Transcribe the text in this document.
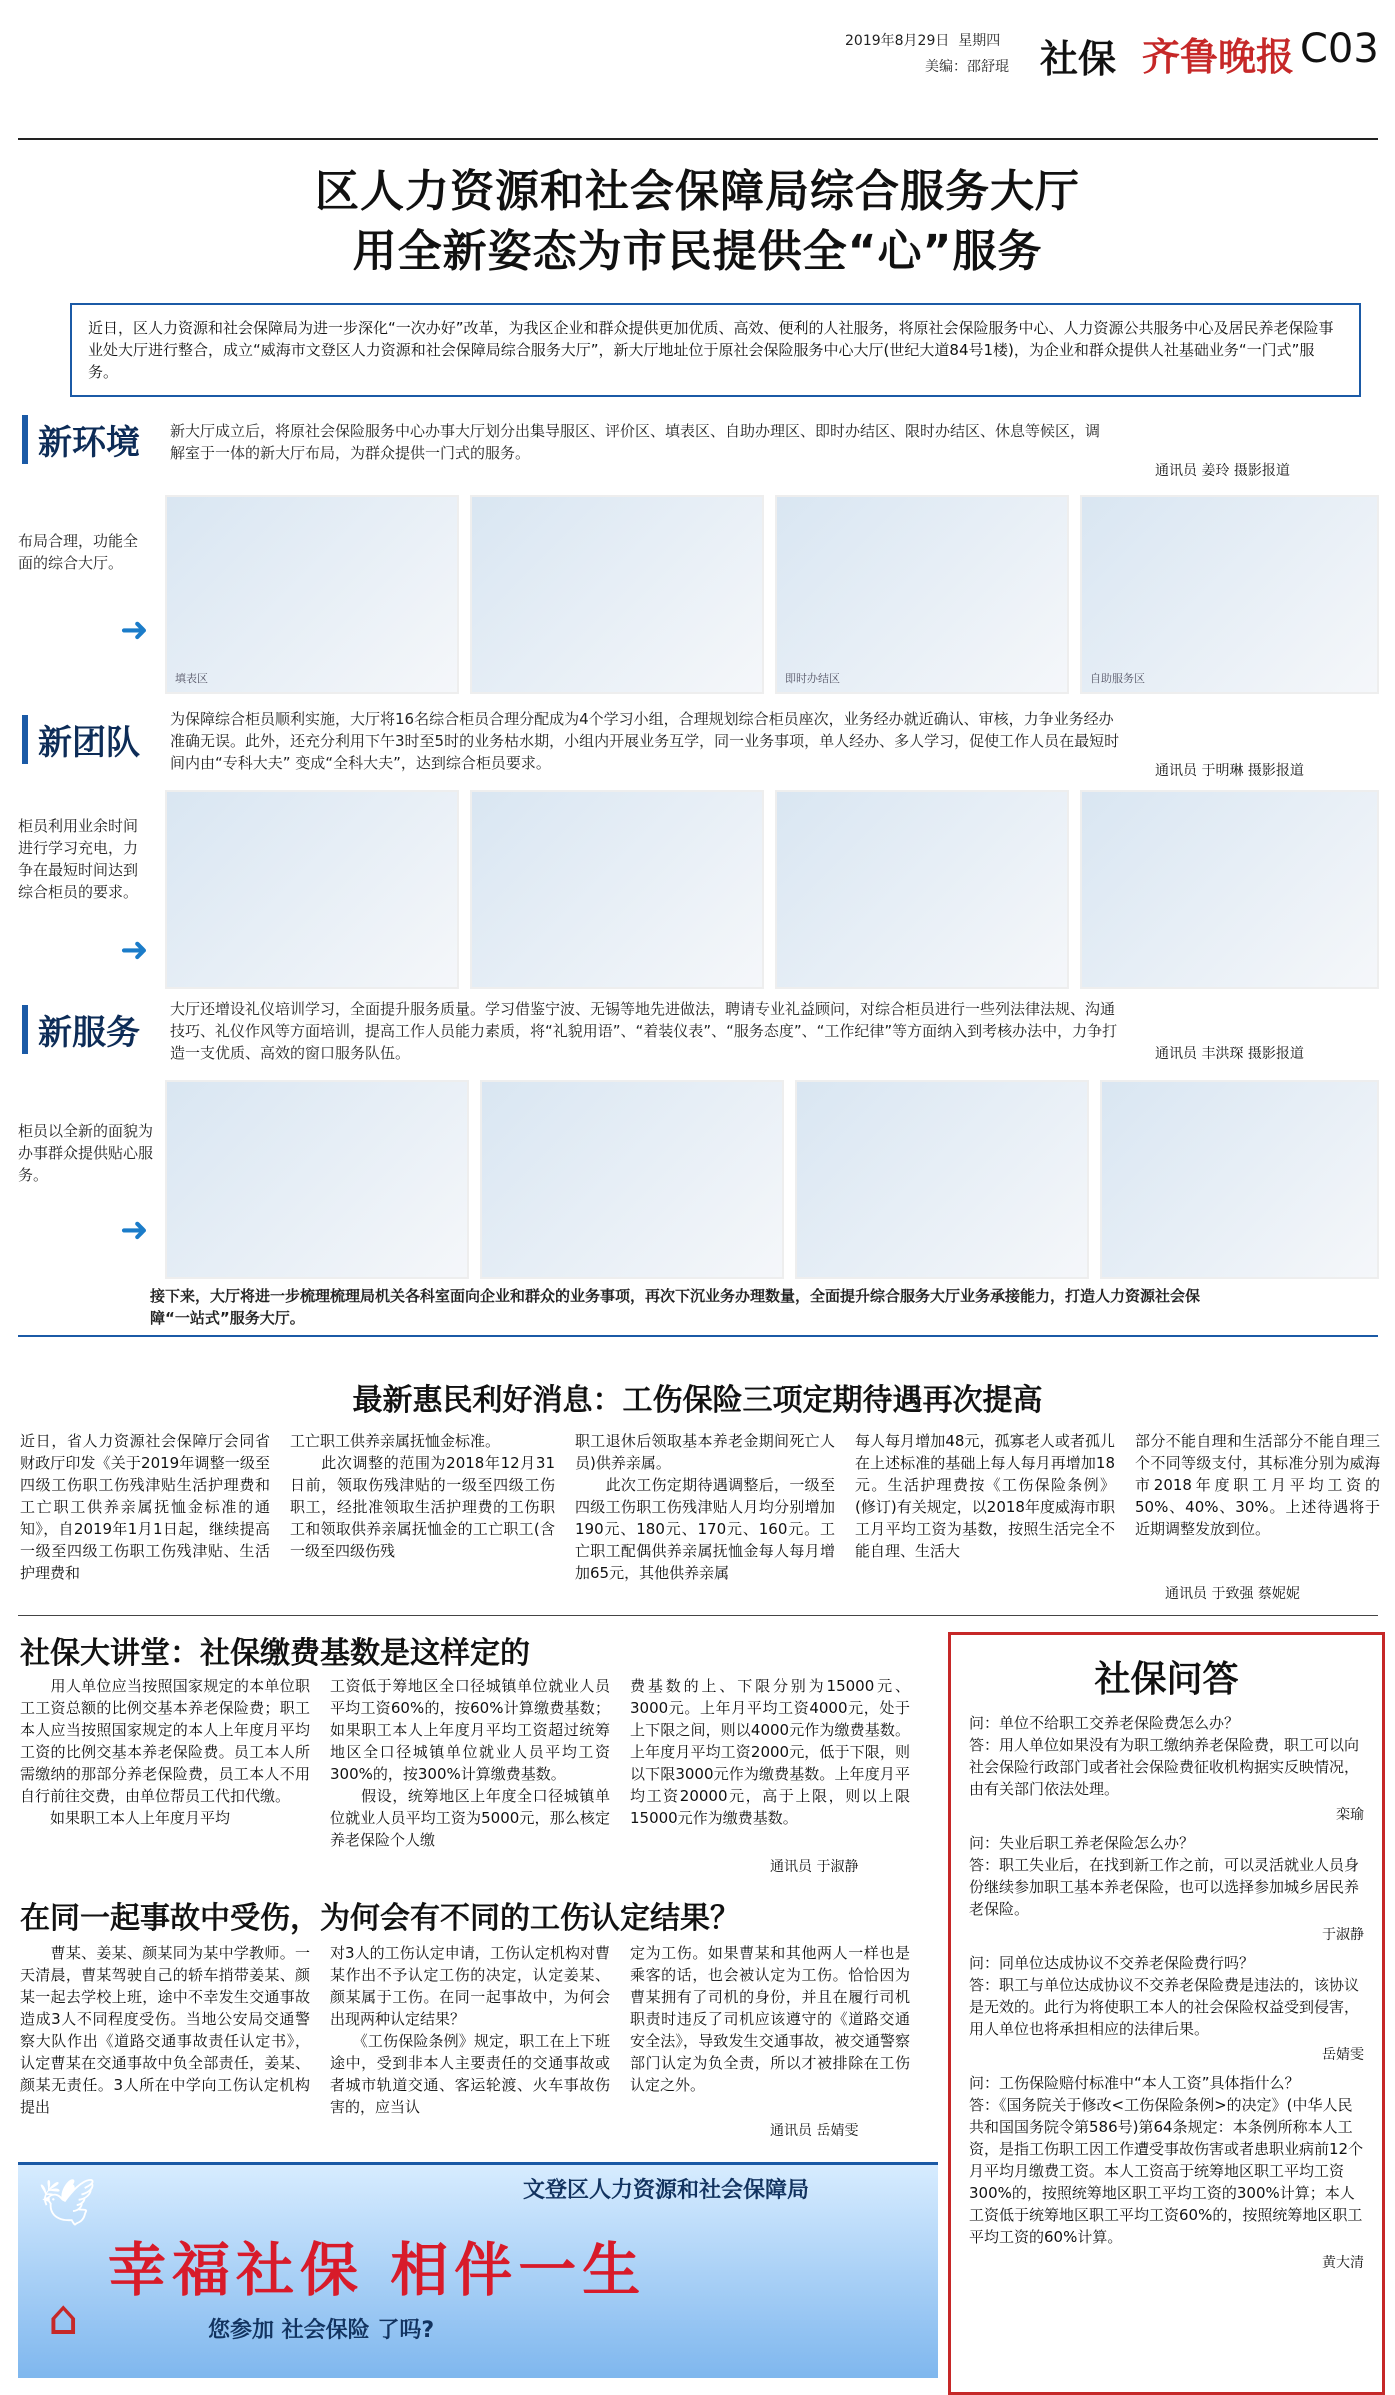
2019年8月29日 星期四
美编：邵舒琨 社保 齐鲁晚报 C03
区人力资源和社会保障局综合服务大厅
用全新姿态为市民提供全“心”服务
近日，区人力资源和社会保障局为进一步深化“一次办好”改革，为我区企业和群众提供更加优质、高效、便利的人社服务，将原社会保险服务中心、人力资源公共服务中心及居民养老保险事业处大厅进行整合，成立“威海市文登区人力资源和社会保障局综合服务大厅”，新大厅地址位于原社会保险服务中心大厅(世纪大道84号1楼)，为企业和群众提供人社基础业务“一门式”服务。
新环境 新大厅成立后，将原社会保险服务中心办事大厅划分出集导服区、评价区、填表区、自助办理区、即时办结区、限时办结区、休息等候区，调解室于一体的新大厅布局，为群众提供一门式的服务。
通讯员 姜玲 摄影报道
布局合理，功能全面的综合大厅。
➜
填表区	即时办结区	自助服务区
新团队
为保障综合柜员顺利实施，大厅将16名综合柜员合理分配成为4个学习小组，合理规划综合柜员座次，业务经办就近确认、审核，力争业务经办准确无误。此外，还充分利用下午3时至5时的业务枯水期，小组内开展业务互学，同一业务事项，单人经办、多人学习，促使工作人员在最短时间内由“专科大夫” 变成“全科大夫”，达到综合柜员要求。	通讯员 于明琳 摄影报道
柜员利用业余时间进行学习充电，力争在最短时间达到综合柜员的要求。
➜
新服务
大厅还增设礼仪培训学习，全面提升服务质量。学习借鉴宁波、无锡等地先进做法，聘请专业礼益顾问，对综合柜员进行一些列法律法规、沟通技巧、礼仪作风等方面培训，提高工作人员能力素质，将“礼貌用语”、“着装仪表”、“服务态度”、“工作纪律”等方面纳入到考核办法中，力争打造一支优质、高效的窗口服务队伍。	通讯员 丰洪琛 摄影报道
柜员以全新的面貌为办事群众提供贴心服务。
➜
接下来，大厅将进一步梳理梳理局机关各科室面向企业和群众的业务事项，再次下沉业务办理数量，全面提升综合服务大厅业务承接能力，打造人力资源社会保障“一站式”服务大厅。
最新惠民利好消息：工伤保险三项定期待遇再次提高
近日，省人力资源社会保障厅会同省财政厅印发《关于2019年调整一级至四级工伤职工伤残津贴生活护理费和工亡职工供养亲属抚恤金标准的通知》，自2019年1月1日起，继续提高一级至四级工伤职工伤残津贴、生活护理费和
工亡职工供养亲属抚恤金标准。
　　此次调整的范围为2018年12月31日前，领取伤残津贴的一级至四级工伤职工，经批准领取生活护理费的工伤职工和领取供养亲属抚恤金的工亡职工(含一级至四级伤残
职工退休后领取基本养老金期间死亡人员)供养亲属。
　　此次工伤定期待遇调整后，一级至四级工伤职工伤残津贴人月均分别增加190元、180元、170元、160元。工亡职工配偶供养亲属抚恤金每人每月增加65元，其他供养亲属
每人每月增加48元，孤寡老人或者孤儿在上述标准的基础上每人每月再增加18元。生活护理费按《工伤保险条例》(修订)有关规定，以2018年度威海市职工月平均工资为基数，按照生活完全不能自理、生活大
部分不能自理和生活部分不能自理三个不同等级支付，其标准分别为威海市2018年度职工月平均工资的50%、40%、30%。上述待遇将于近期调整发放到位。
通讯员 于致强 蔡妮妮
社保大讲堂：社保缴费基数是这样定的
　　用人单位应当按照国家规定的本单位职工工资总额的比例交基本养老保险费；职工本人应当按照国家规定的本人上年度月平均工资的比例交基本养老保险费。员工本人所需缴纳的那部分养老保险费，员工本人不用自行前往交费，由单位帮员工代扣代缴。
　　如果职工本人上年度月平均
工资低于筹地区全口径城镇单位就业人员平均工资60%的，按60%计算缴费基数；如果职工本人上年度月平均工资超过统筹地区全口径城镇单位就业人员平均工资300%的，按300%计算缴费基数。
　　假设，统筹地区上年度全口径城镇单位就业人员平均工资为5000元，那么核定养老保险个人缴
费基数的上、下限分别为15000元、3000元。上年月平均工资4000元，处于上下限之间，则以4000元作为缴费基数。上年度月平均工资2000元，低于下限，则以下限3000元作为缴费基数。上年度月平均工资20000元，高于上限，则以上限15000元作为缴费基数。
通讯员 于淑静
在同一起事故中受伤，为何会有不同的工伤认定结果？
　　曹某、姜某、颜某同为某中学教师。一天清晨，曹某驾驶自己的轿车捎带姜某、颜某一起去学校上班，途中不幸发生交通事故造成3人不同程度受伤。当地公安局交通警察大队作出《道路交通事故责任认定书》，认定曹某在交通事故中负全部责任，姜某、颜某无责任。3人所在中学向工伤认定机构提出
对3人的工伤认定申请，工伤认定机构对曹某作出不予认定工伤的决定，认定姜某、颜某属于工伤。在同一起事故中，为何会出现两种认定结果？
　　《工伤保险条例》规定，职工在上下班途中，受到非本人主要责任的交通事故或者城市轨道交通、客运轮渡、火车事故伤害的，应当认
定为工伤。如果曹某和其他两人一样也是乘客的话，也会被认定为工伤。恰恰因为曹某拥有了司机的身份，并且在履行司机职责时违反了司机应该遵守的《道路交通安全法》，导致发生交通事故，被交通警察部门认定为负全责，所以才被排除在工伤认定之外。
通讯员 岳婧雯
社保问答
问：单位不给职工交养老保险费怎么办？
答：用人单位如果没有为职工缴纳养老保险费，职工可以向社会保险行政部门或者社会保险费征收机构据实反映情况，由有关部门依法处理。
栾瑜
问：失业后职工养老保险怎么办？
答：职工失业后，在找到新工作之前，可以灵活就业人员身份继续参加职工基本养老保险，也可以选择参加城乡居民养老保险。
于淑静
问：同单位达成协议不交养老保险费行吗？
答：职工与单位达成协议不交养老保险费是违法的，该协议是无效的。此行为将使职工本人的社会保险权益受到侵害，用人单位也将承担相应的法律后果。
岳婧雯
问：工伤保险赔付标准中“本人工资”具体指什么？
答：《国务院关于修改<工伤保险条例>的决定》(中华人民共和国国务院令第586号)第64条规定：本条例所称本人工资，是指工伤职工因工作遭受事故伤害或者患职业病前12个月平均月缴费工资。本人工资高于统筹地区职工平均工资300%的，按照统筹地区职工平均工资的300%计算；本人工资低于统筹地区职工平均工资60%的，按照统筹地区职工平均工资的60%计算。
黄大清
文登区人力资源和社会保障局
幸福社保 相伴一生
您参加 社会保险 了吗?
🕊
⌂
